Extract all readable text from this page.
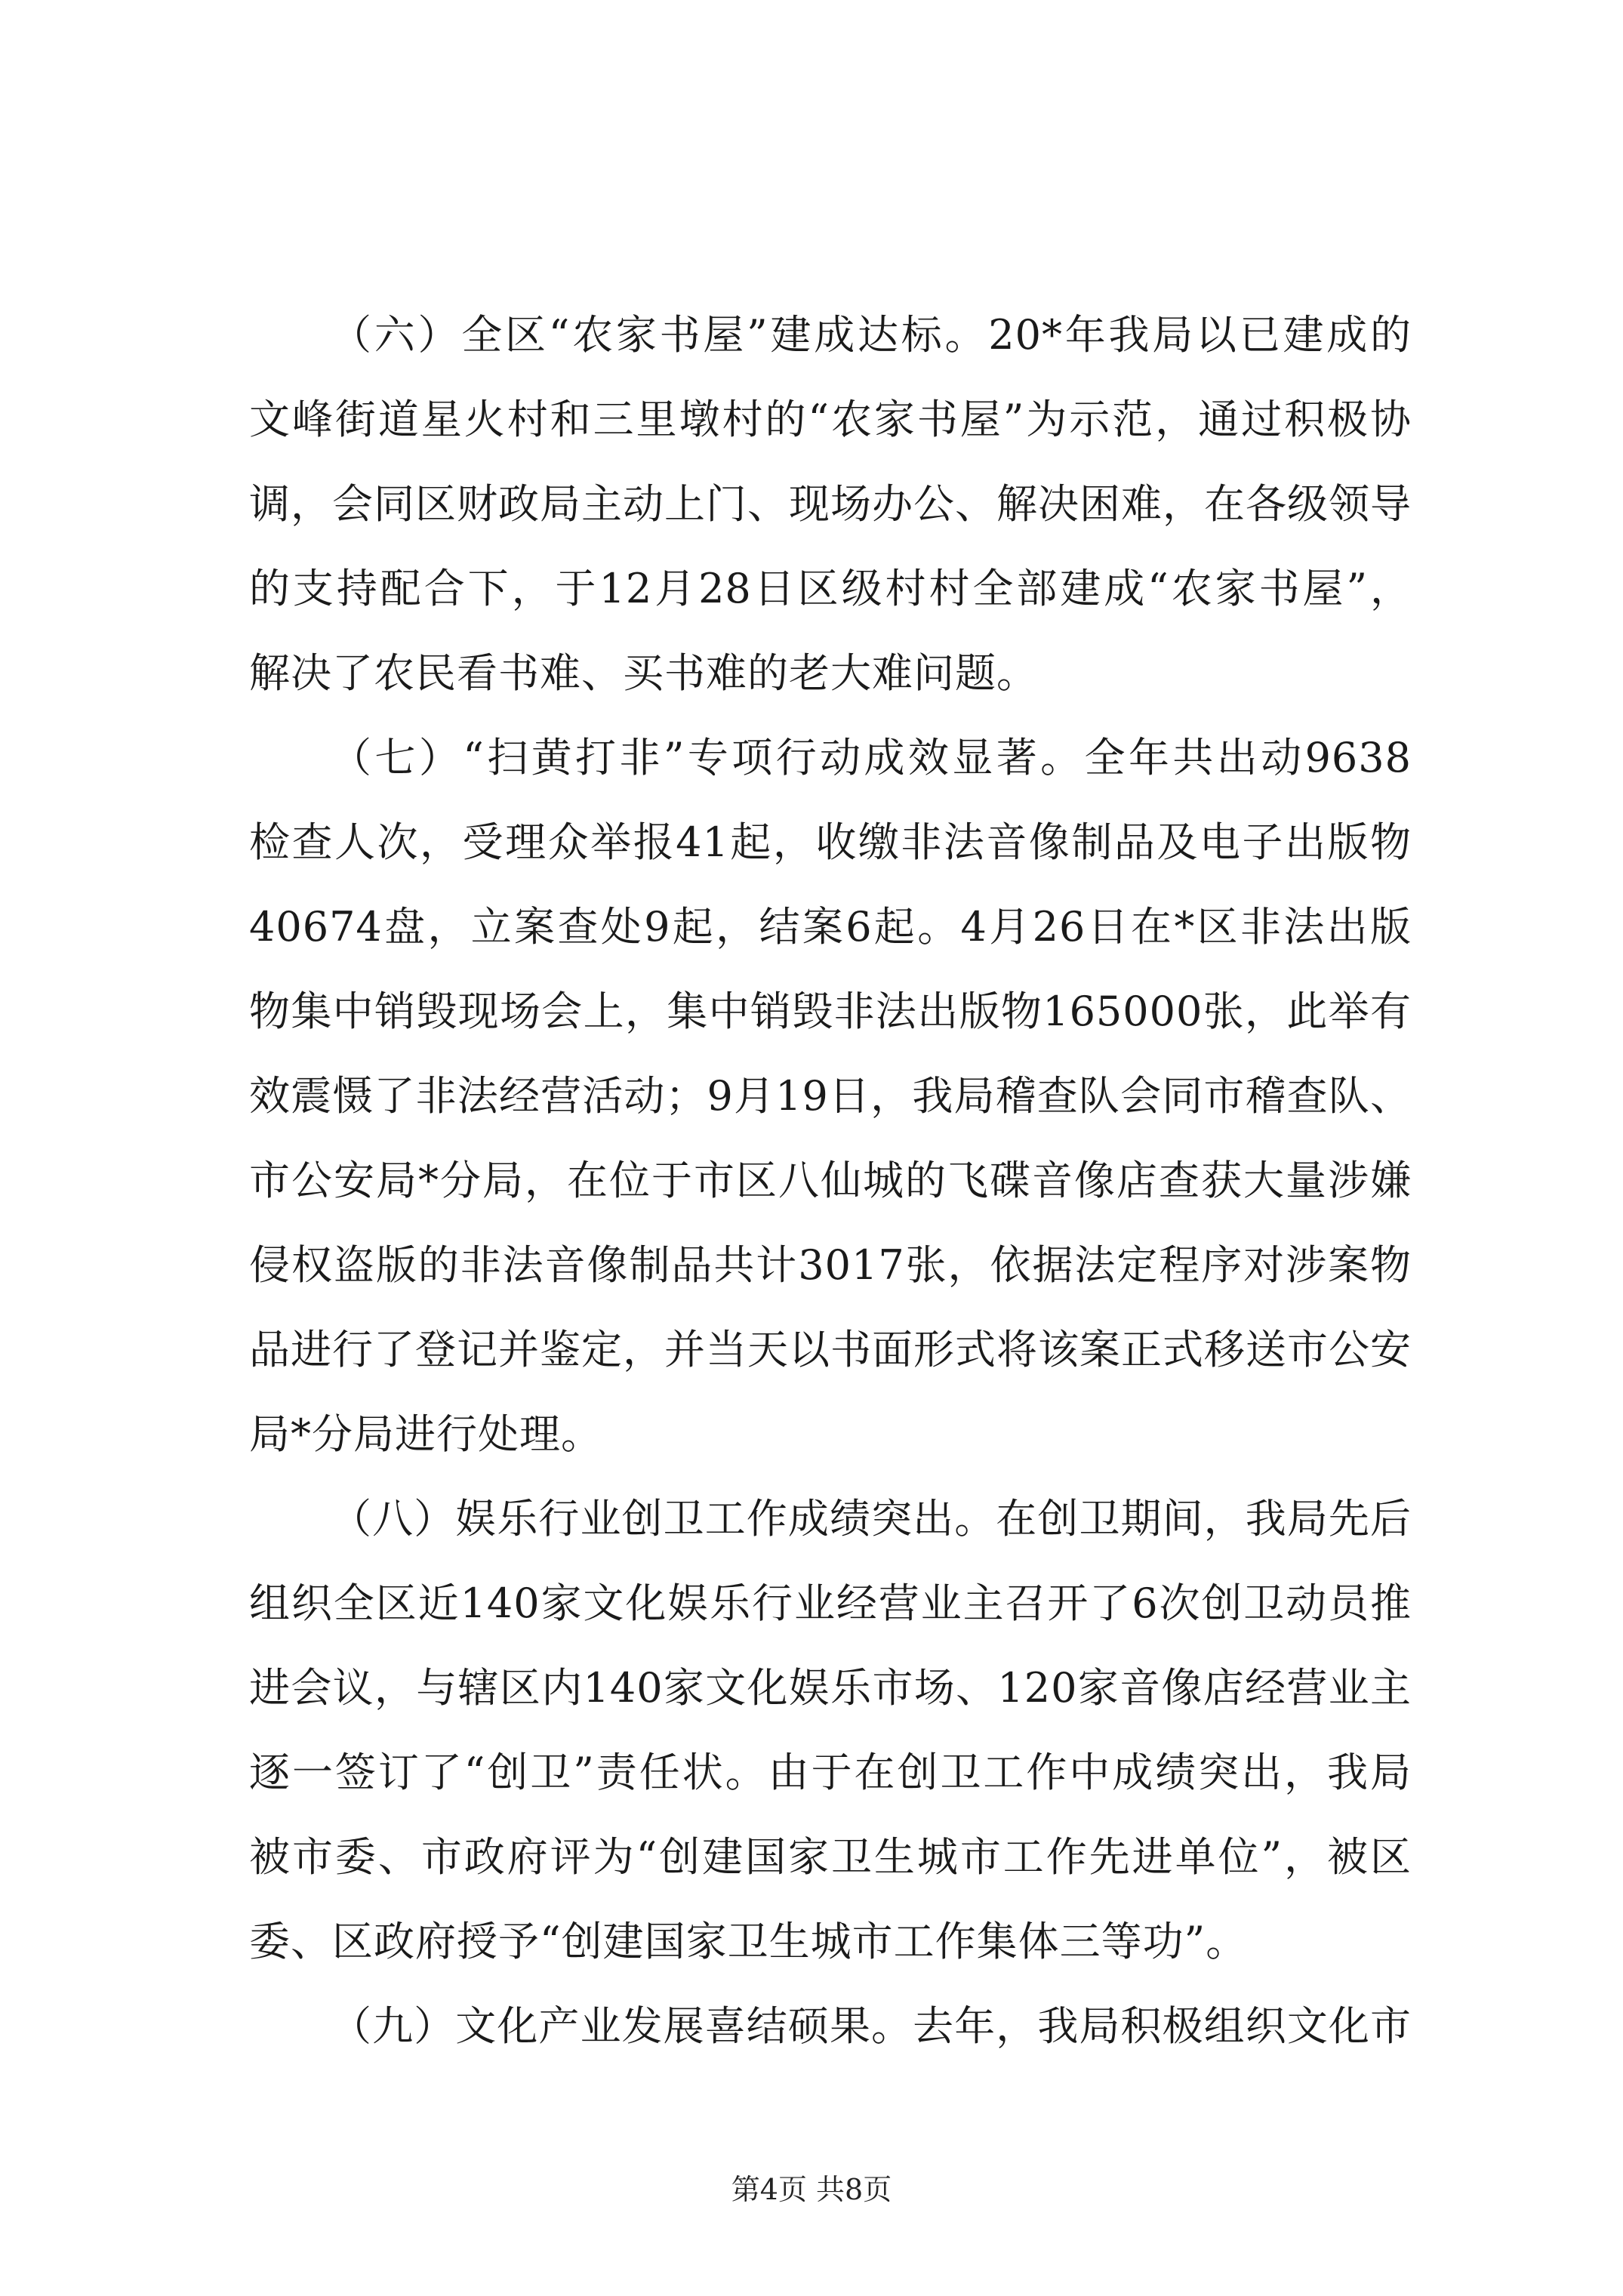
（六）全区“农家书屋”建成达标。20*年我局以已建成的
文峰街道星火村和三里墩村的“农家书屋”为示范，通过积极协
调，会同区财政局主动上门、现场办公、解决困难，在各级领导
的支持配合下，于12月28日区级村村全部建成“农家书屋”，
解决了农民看书难、买书难的老大难问题。
（七）“扫黄打非”专项行动成效显著。全年共出动9638
检查人次，受理众举报41起，收缴非法音像制品及电子出版物
40674盘，立案查处9起，结案6起。4月26日在*区非法出版
物集中销毁现场会上，集中销毁非法出版物165000张，此举有
效震慑了非法经营活动；9月19日，我局稽查队会同市稽查队、
市公安局*分局，在位于市区八仙城的飞碟音像店查获大量涉嫌
侵权盗版的非法音像制品共计3017张，依据法定程序对涉案物
品进行了登记并鉴定，并当天以书面形式将该案正式移送市公安
局*分局进行处理。
（八）娱乐行业创卫工作成绩突出。在创卫期间，我局先后
组织全区近140家文化娱乐行业经营业主召开了6次创卫动员推
进会议，与辖区内140家文化娱乐市场、120家音像店经营业主
逐一签订了“创卫”责任状。由于在创卫工作中成绩突出，我局
被市委、市政府评为“创建国家卫生城市工作先进单位”，被区
委、区政府授予“创建国家卫生城市工作集体三等功”。
（九）文化产业发展喜结硕果。去年，我局积极组织文化市
第4页 共8页
